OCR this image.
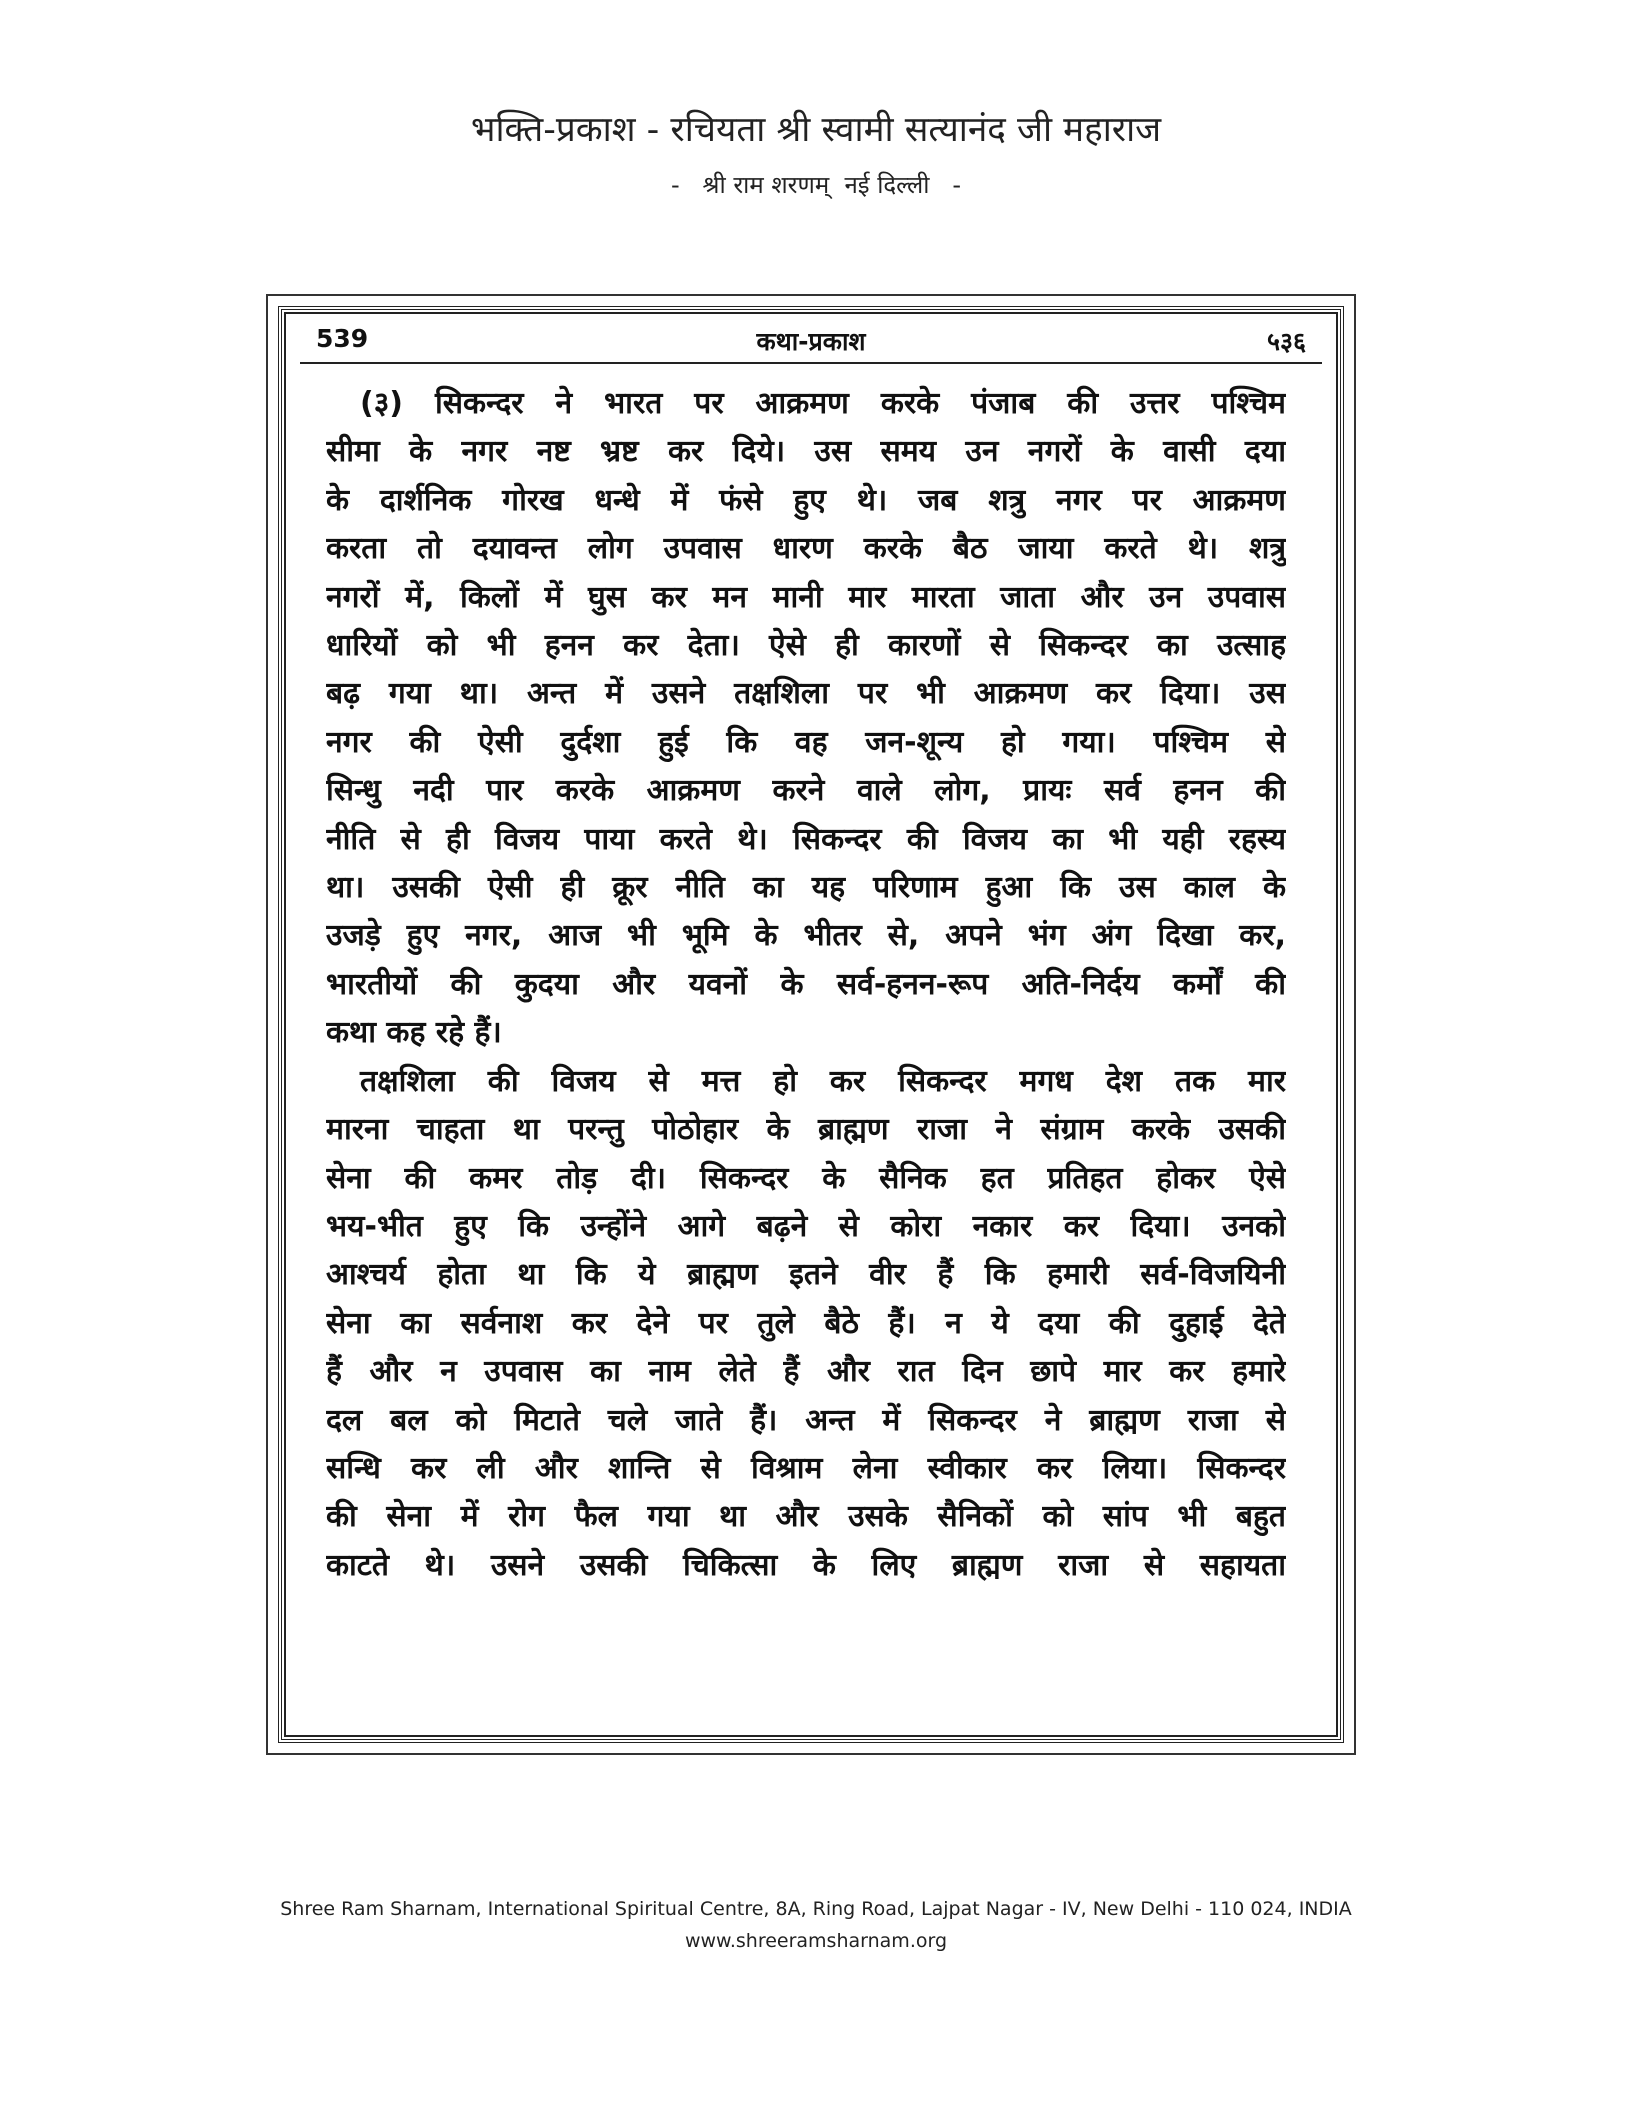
भक्ति-प्रकाश - रचियता श्री स्वामी सत्यानंद जी महाराज
-   श्री राम शरणम्  नई दिल्ली   -
539	कथा-प्रकाश	५३६
(३) सिकन्दर ने भारत पर आक्रमण करके पंजाब की उत्तर पश्चिम
सीमा के नगर नष्ट भ्रष्ट कर दिये। उस समय उन नगरों के वासी दया
के दार्शनिक गोरख धन्धे में फंसे हुए थे। जब शत्रु नगर पर आक्रमण
करता तो दयावन्त लोग उपवास धारण करके बैठ जाया करते थे। शत्रु
नगरों में, किलों में घुस कर मन मानी मार मारता जाता और उन उपवास
धारियों को भी हनन कर देता। ऐसे ही कारणों से सिकन्दर का उत्साह
बढ़ गया था। अन्त में उसने तक्षशिला पर भी आक्रमण कर दिया। उस
नगर की ऐसी दुर्दशा हुई कि वह जन-शून्य हो गया। पश्चिम से
सिन्धु नदी पार करके आक्रमण करने वाले लोग, प्रायः सर्व हनन की
नीति से ही विजय पाया करते थे। सिकन्दर की विजय का भी यही रहस्य
था। उसकी ऐसी ही क्रूर नीति का यह परिणाम हुआ कि उस काल के
उजड़े हुए नगर, आज भी भूमि के भीतर से, अपने भंग अंग दिखा कर,
भारतीयों की कुदया और यवनों के सर्व-हनन-रूप अति-निर्दय कर्मों की
कथा कह रहे हैं।
तक्षशिला की विजय से मत्त हो कर सिकन्दर मगध देश तक मार
मारना चाहता था परन्तु पोठोहार के ब्राह्मण राजा ने संग्राम करके उसकी
सेना की कमर तोड़ दी। सिकन्दर के सैनिक हत प्रतिहत होकर ऐसे
भय-भीत हुए कि उन्होंने आगे बढ़ने से कोरा नकार कर दिया। उनको
आश्चर्य होता था कि ये ब्राह्मण इतने वीर हैं कि हमारी सर्व-विजयिनी
सेना का सर्वनाश कर देने पर तुले बैठे हैं। न ये दया की दुहाई देते
हैं और न उपवास का नाम लेते हैं और रात दिन छापे मार कर हमारे
दल बल को मिटाते चले जाते हैं। अन्त में सिकन्दर ने ब्राह्मण राजा से
सन्धि कर ली और शान्ति से विश्राम लेना स्वीकार कर लिया। सिकन्दर
की सेना में रोग फैल गया था और उसके सैनिकों को सांप भी बहुत
काटते थे। उसने उसकी चिकित्सा के लिए ब्राह्मण राजा से सहायता
Shree Ram Sharnam, International Spiritual Centre, 8A, Ring Road, Lajpat Nagar - IV, New Delhi - 110 024, INDIA
www.shreeramsharnam.org
